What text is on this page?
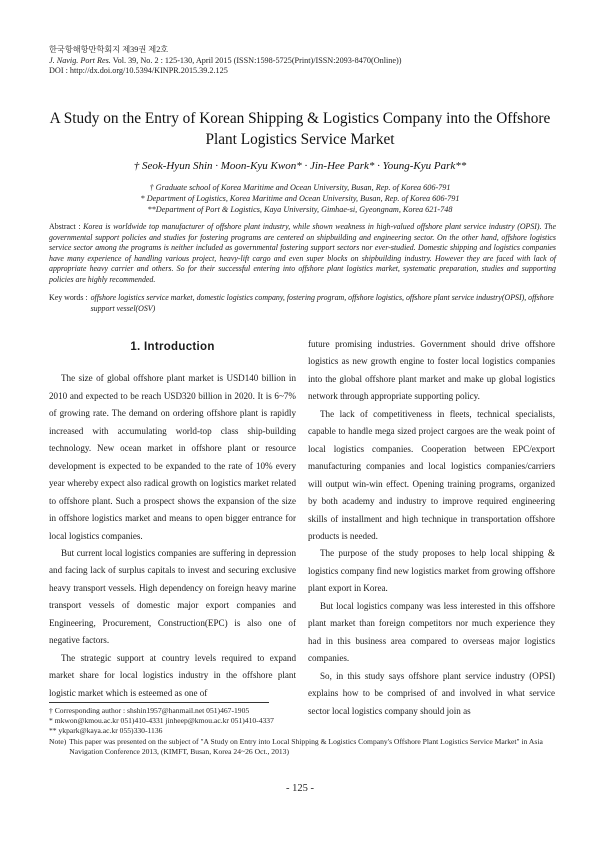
한국항해항만학회지 제39권 제2호
J. Navig. Port Res. Vol. 39, No. 2 : 125-130, April 2015 (ISSN:1598-5725(Print)/ISSN:2093-8470(Online))
DOI : http://dx.doi.org/10.5394/KINPR.2015.39.2.125
A Study on the Entry of Korean Shipping & Logistics Company into the Offshore
Plant Logistics Service Market
† Seok-Hyun Shin · Moon-Kyu Kwon* · Jin-Hee Park* · Young-Kyu Park**
† Graduate school of Korea Maritime and Ocean University, Busan, Rep. of Korea 606-791
* Department of Logistics, Korea Maritime and Ocean University, Busan, Rep. of Korea 606-791
**Department of Port & Logistics, Kaya University, Gimhae-si, Gyeongnam, Korea 621-748
Abstract : Korea is worldwide top manufacturer of offshore plant industry, while shown weakness in high-valued offshore plant service industry (OPSI). The governmental support policies and studies for fostering programs are centered on shipbuilding and engineering sector. On the other hand, offshore logistics service sector among the programs is neither included as governmental fostering support sectors nor ever-studied. Domestic shipping and logistics companies have many experience of handling various project, heavy-lift cargo and even super blocks on shipbuilding industry. However they are faced with lack of appropriate heavy carrier and others. So for their successful entering into offshore plant logistics market, systematic preparation, studies and supporting policies are highly recommended.
Key words : offshore logistics service market, domestic logistics company, fostering program, offshore logistics, offshore plant service industry(OPSI), offshore support vessel(OSV)
1. Introduction

The size of global offshore plant market is USD140 billion in 2010 and expected to be reach USD320 billion in 2020. It is 6~7% of growing rate. The demand on ordering offshore plant is rapidly increased with accumulating world-top class ship-building technology. New ocean market in offshore plant or resource development is expected to be expanded to the rate of 10% every year whereby expect also radical growth on logistics market related to offshore plant. Such a prospect shows the expansion of the size in offshore logistics market and means to open bigger entrance for local logistics companies.

But current local logistics companies are suffering in depression and facing lack of surplus capitals to invest and securing exclusive heavy transport vessels. High dependency on foreign heavy marine transport vessels of domestic major export companies and Engineering, Procurement, Construction(EPC) is also one of negative factors.

The strategic support at country levels required to expand market share for local logistics industry in the offshore plant logistic market which is esteemed as one of

future promising industries. Government should drive offshore logistics as new growth engine to foster local logistics companies into the global offshore plant market and make up global logistics network through appropriate supporting policy.

The lack of competitiveness in fleets, technical specialists, capable to handle mega sized project cargoes are the weak point of local logistics companies. Cooperation between EPC/export manufacturing companies and local logistics companies/carriers will output win-win effect. Opening training programs, organized by both academy and industry to improve required engineering skills of installment and high technique in transportation offshore products is needed.

The purpose of the study proposes to help local shipping & logistics company find new logistics market from growing offshore plant export in Korea.

But local logistics company was less interested in this offshore plant market than foreign competitors nor much experience they had in this business area compared to overseas major logistics companies.

So, in this study says offshore plant service industry (OPSI) explains how to be comprised of and involved in what service sector local logistics company should join as

† Corresponding author : shshin1957@hanmail.net 051)467-1905
* mkwon@kmou.ac.kr 051)410-4331 jinheep@kmou.ac.kr 051)410-4337
** ykpark@kaya.ac.kr 055)330-1136
Note) This paper was presented on the subject of "A Study on Entry into Local Shipping & Logistics Company's Offshore Plant Logistics Service Market" in Asia Navigation Conference 2013, (KIMFT, Busan, Korea 24~26 Oct., 2013)
- 125 -
